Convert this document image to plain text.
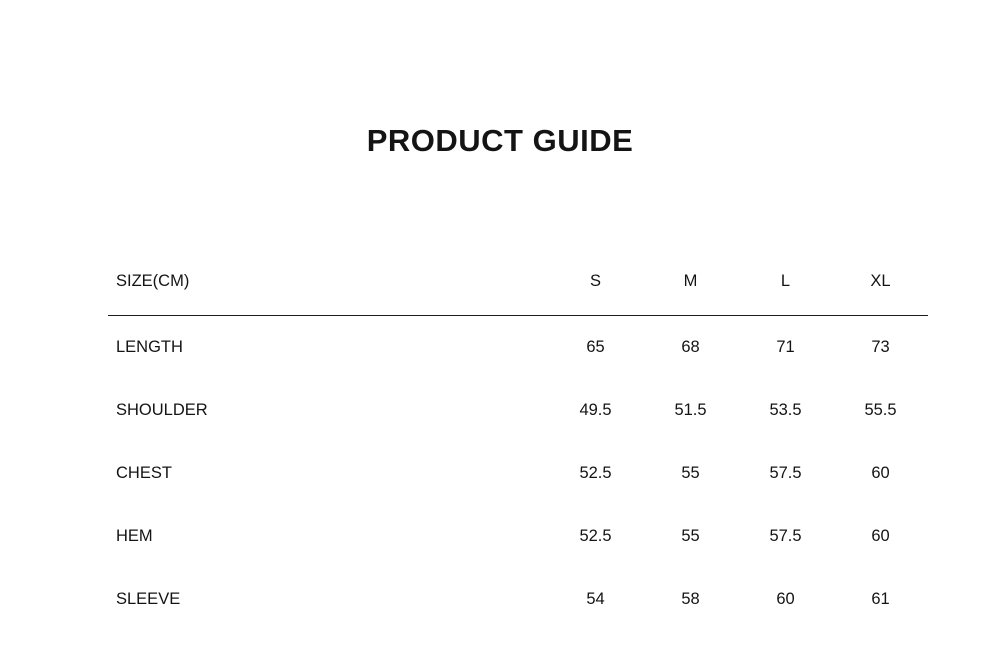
PRODUCT GUIDE
SIZE(CM)	S	M	L	XL
LENGTH	65	68	71	73
SHOULDER	49.5	51.5	53.5	55.5
CHEST	52.5	55	57.5	60
HEM	52.5	55	57.5	60
SLEEVE	54	58	60	61
